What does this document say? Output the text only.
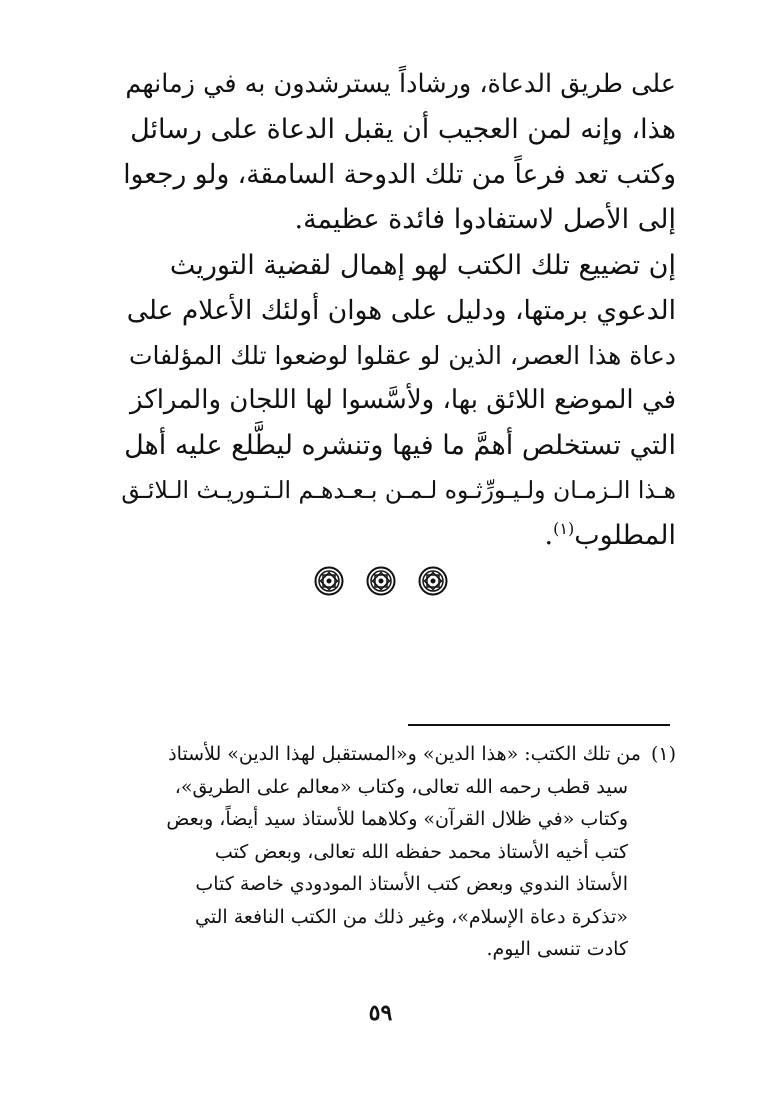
على طريق الدعاة، ورشاداً يسترشدون به في زمانهم
هذا، وإنه لمن العجيب أن يقبل الدعاة على رسائل
وكتب تعد فرعاً من تلك الدوحة السامقة، ولو رجعوا
إلى الأصل لاستفادوا فائدة عظيمة.
إن تضييع تلك الكتب لهو إهمال لقضية التوريث
الدعوي برمتها، ودليل على هوان أولئك الأعلام على
دعاة هذا العصر، الذين لو عقلوا لوضعوا تلك المؤلفات
في الموضع اللائق بها، ولأسَّسوا لها اللجان والمراكز
التي تستخلص أهمَّ ما فيها وتنشره ليطَّلع عليه أهل
هـذا الـزمـان ولـيـورِّثـوه لـمـن بـعـدهـم الـتـوريـث الـلائـق
المطلوب$^{(١)}$.
(١)
من تلك الكتب: «هذا الدين» و«المستقبل لهذا الدين» للأستاذ
سيد قطب رحمه الله تعالى، وكتاب «معالم على الطريق»،
وكتاب «في ظلال القرآن» وكلاهما للأستاذ سيد أيضاً، وبعض
كتب أخيه الأستاذ محمد حفظه الله تعالى، وبعض كتب
الأستاذ الندوي وبعض كتب الأستاذ المودودي خاصة كتاب
«تذكرة دعاة الإسلام»، وغير ذلك من الكتب النافعة التي
كادت تنسى اليوم.
٥٩
